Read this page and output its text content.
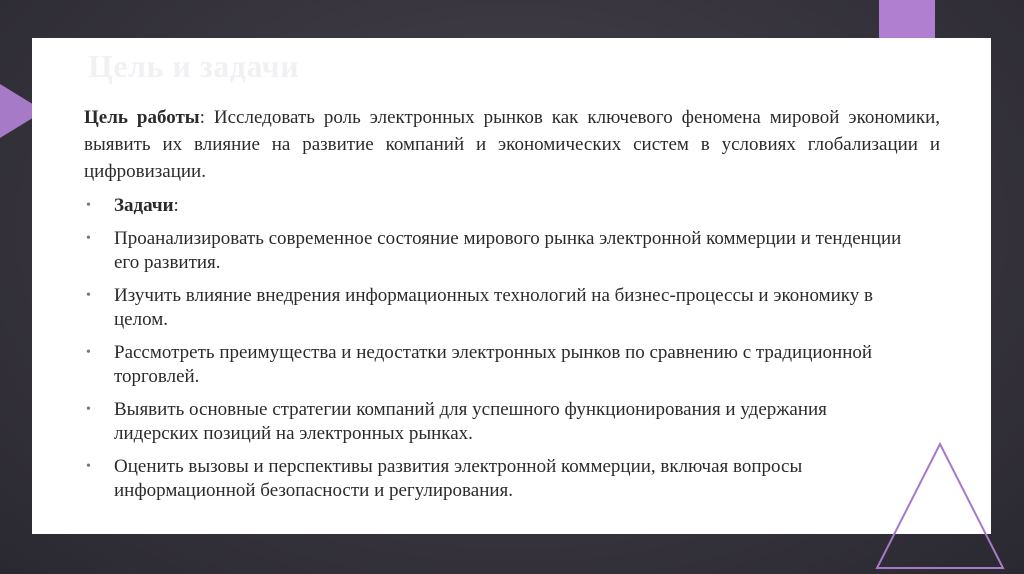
Цель и задачи

Цель работы: Исследовать роль электронных рынков как ключевого феномена мировой экономики, выявить их влияние на развитие компаний и экономических систем в условиях глобализации и цифровизации.

• Задачи:
• Проанализировать современное состояние мирового рынка электронной коммерции и тенденции его развития.
• Изучить влияние внедрения информационных технологий на бизнес-процессы и экономику в целом.
• Рассмотреть преимущества и недостатки электронных рынков по сравнению с традиционной торговлей.
• Выявить основные стратегии компаний для успешного функционирования и удержания лидерских позиций на электронных рынках.
• Оценить вызовы и перспективы развития электронной коммерции, включая вопросы информационной безопасности и регулирования.
